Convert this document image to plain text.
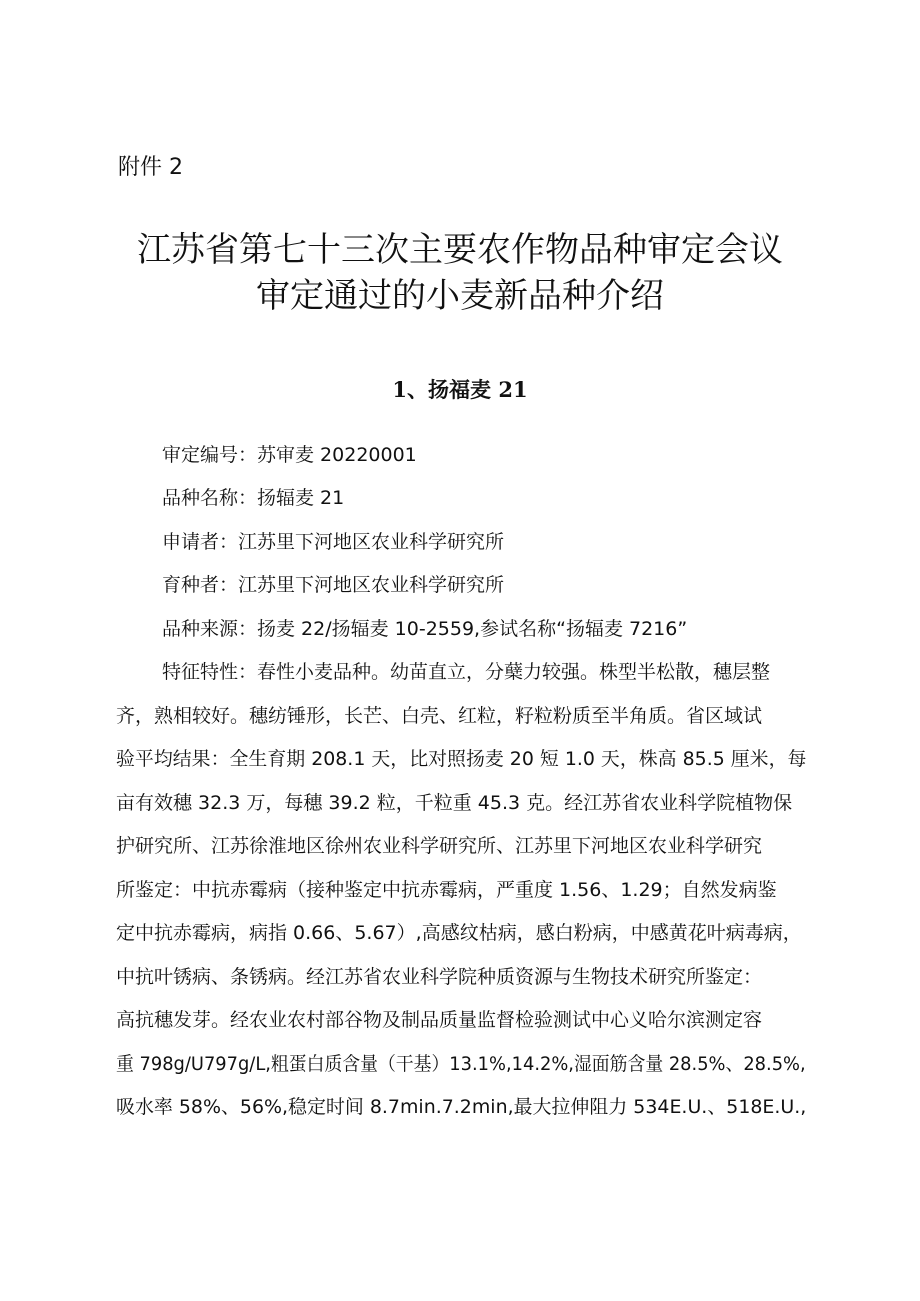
附件 2
江苏省第七十三次主要农作物品种审定会议
审定通过的小麦新品种介绍
1、扬福麦 21
审定编号：苏审麦 20220001
品种名称：扬辐麦 21
申请者：江苏里下河地区农业科学研究所
育种者：江苏里下河地区农业科学研究所
品种来源：扬麦 22/扬辐麦 10-2559,参试名称“扬辐麦 7216”
特征特性：春性小麦品种。幼苗直立，分蘖力较强。株型半松散，穗层整
齐，熟相较好。穗纺锤形，长芒、白壳、红粒，籽粒粉质至半角质。省区域试
验平均结果：全生育期 208.1 天，比对照扬麦 20 短 1.0 天，株高 85.5 厘米，每
亩有效穗 32.3 万，每穗 39.2 粒，千粒重 45.3 克。经江苏省农业科学院植物保
护研究所、江苏徐淮地区徐州农业科学研究所、江苏里下河地区农业科学研究
所鉴定：中抗赤霉病（接种鉴定中抗赤霉病，严重度 1.56、1.29；自然发病鉴
定中抗赤霉病，病指 0.66、5.67）,高感纹枯病，感白粉病，中感黄花叶病毒病，
中抗叶锈病、条锈病。经江苏省农业科学院种质资源与生物技术研究所鉴定：
高抗穗发芽。经农业农村部谷物及制品质量监督检验测试中心义哈尔滨测定容
重 798g/U797g/L,粗蛋白质含量（干基）13.1%,14.2%,湿面筋含量 28.5%、28.5%,
吸水率 58%、56%,稳定时间 8.7min.7.2min,最大拉伸阻力 534E.U.、518E.U.,
